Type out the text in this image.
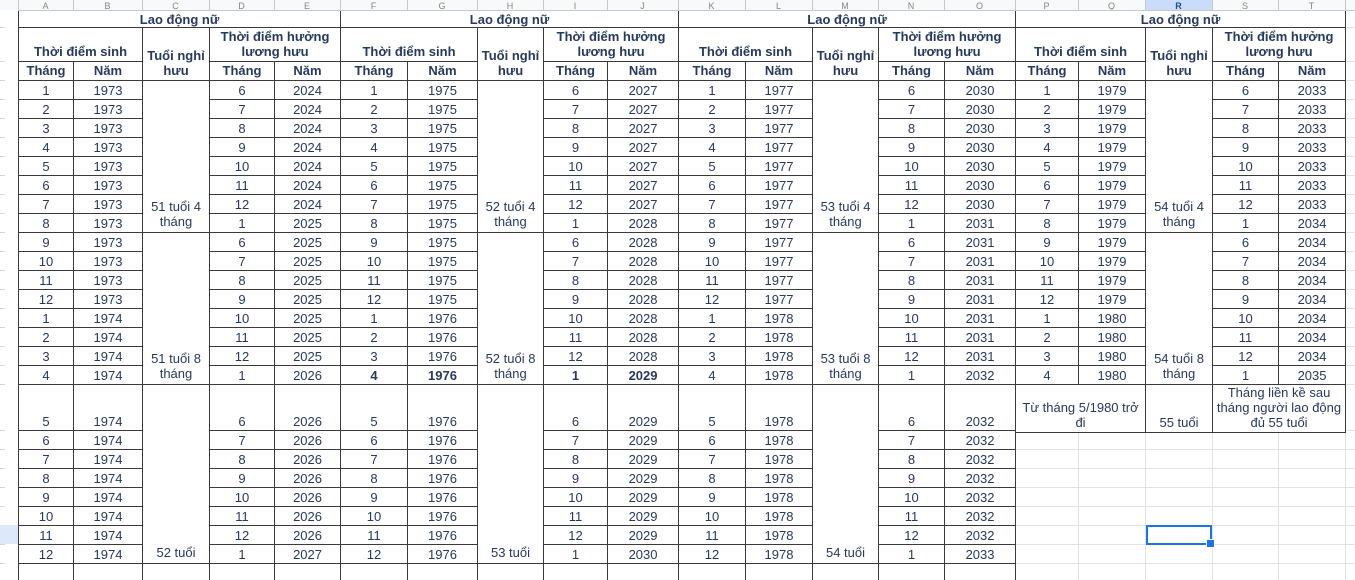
Lao động nữ				
Thời điểm sinh		Tuổi nghỉ hưu	Thời điểm hưởng lương hưu	
Tháng	Năm		Tháng	Năm
1	1973	51 tuổi 4 tháng	6	2024
2	1973		7	2024
3	1973		8	2024
4	1973		9	2024
5	1973		10	2024
6	1973		11	2024
7	1973		12	2024
8	1973		1	2025
9	1973	51 tuổi 8 tháng	6	2025
10	1973		7	2025
11	1973		8	2025
12	1973		9	2025
1	1974		10	2025
2	1974		11	2025
3	1974		12	2025
4	1974		1	2026
5	1974	52 tuổi	6	2026
6	1974		7	2026
7	1974		8	2026
8	1974		9	2026
9	1974		10	2026
10	1974		11	2026
11	1974		12	2026
12	1974		1	2027

Lao động nữ				
Thời điểm sinh		Tuổi nghỉ hưu	Thời điểm hưởng lương hưu	
Tháng	Năm		Tháng	Năm
1	1975	52 tuổi 4 tháng	6	2027
2	1975		7	2027
3	1975		8	2027
4	1975		9	2027
5	1975		10	2027
6	1975		11	2027
7	1975		12	2027
8	1975		1	2028
9	1975	52 tuổi 8 tháng	6	2028
10	1975		7	2028
11	1975		8	2028
12	1975		9	2028
1	1976		10	2028
2	1976		11	2028
3	1976		12	2028
4	1976		1	2029
5	1976	53 tuổi	6	2029
6	1976		7	2029
7	1976		8	2029
8	1976		9	2029
9	1976		10	2029
10	1976		11	2029
11	1976		12	2029
12	1976		1	2030

Lao động nữ				
Thời điểm sinh		Tuổi nghỉ hưu	Thời điểm hưởng lương hưu	
Tháng	Năm		Tháng	Năm
1	1977	53 tuổi 4 tháng	6	2030
2	1977		7	2030
3	1977		8	2030
4	1977		9	2030
5	1977		10	2030
6	1977		11	2030
7	1977		12	2030
8	1977		1	2031
9	1977	53 tuổi 8 tháng	6	2031
10	1977		7	2031
11	1977		8	2031
12	1977		9	2031
1	1978		10	2031
2	1978		11	2031
3	1978		12	2031
4	1978		1	2032
5	1978	54 tuổi	6	2032
6	1978		7	2032
7	1978		8	2032
8	1978		9	2032
9	1978		10	2032
10	1978		11	2032
11	1978		12	2032
12	1978		1	2033

Lao động nữ				
Thời điểm sinh		Tuổi nghỉ hưu	Thời điểm hưởng lương hưu	
Tháng	Năm		Tháng	Năm
1	1979	54 tuổi 4 tháng	6	2033
2	1979		7	2033
3	1979		8	2033
4	1979		9	2033
5	1979		10	2033
6	1979		11	2033
7	1979		12	2033
8	1979		1	2034
9	1979	54 tuổi 8 tháng	6	2034
10	1979		7	2034
11	1979		8	2034
12	1979		9	2034
1	1980		10	2034
2	1980		11	2034
3	1980		12	2034
4	1980		1	2035
Từ tháng 5/1980 trở đi		55 tuổi	Tháng liền kề sau tháng người lao động đủ 55 tuổi	
A	B	C	D	E	F	G	H	I	J	K	L	M	N	O	P	Q	R	S	T
